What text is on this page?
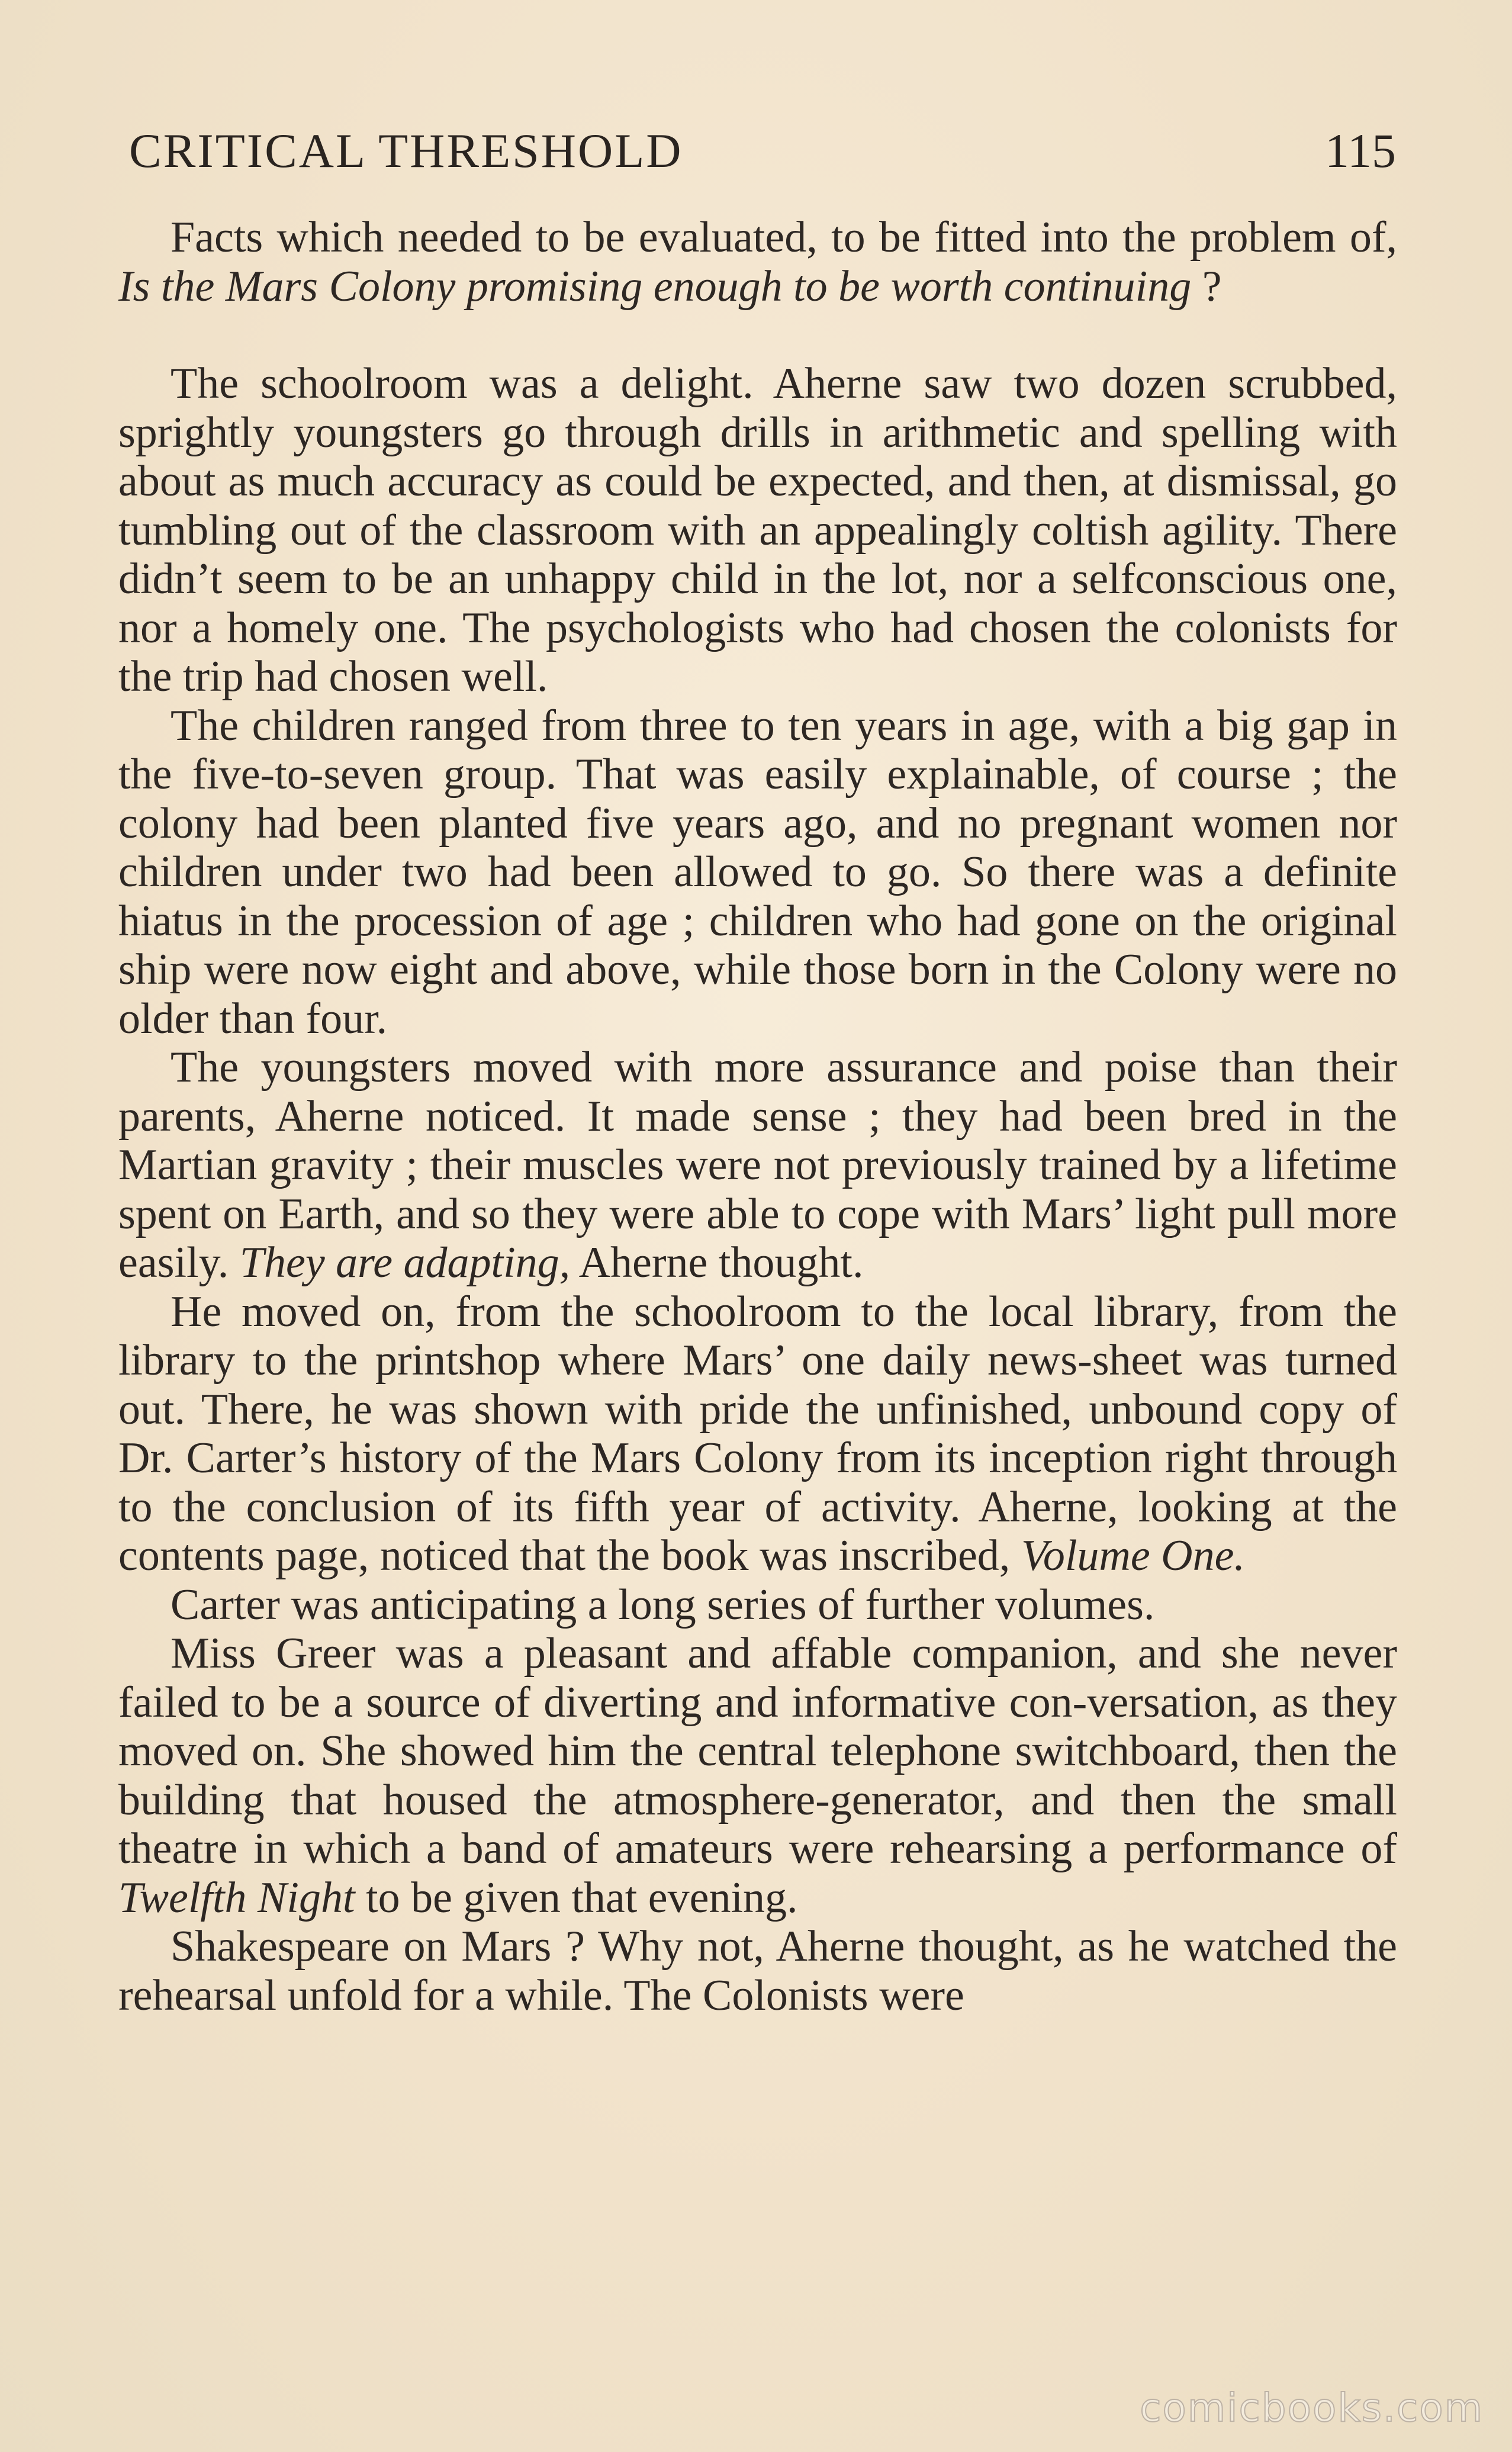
CRITICAL THRESHOLD	115

Facts which needed to be evaluated, to be fitted into the problem of, Is the Mars Colony promising enough to be worth continuing ?

The schoolroom was a delight. Aherne saw two dozen scrubbed, sprightly youngsters go through drills in arithmetic and spelling with about as much accuracy as could be expected, and then, at dismissal, go tumbling out of the classroom with an appealingly coltish agility. There didn’t seem to be an unhappy child in the lot, nor a selfconscious one, nor a homely one. The psychologists who had chosen the colonists for the trip had chosen well.

The children ranged from three to ten years in age, with a big gap in the five-to-seven group. That was easily explainable, of course ; the colony had been planted five years ago, and no pregnant women nor children under two had been allowed to go. So there was a definite hiatus in the procession of age ; children who had gone on the original ship were now eight and above, while those born in the Colony were no older than four.

The youngsters moved with more assurance and poise than their parents, Aherne noticed. It made sense ; they had been bred in the Martian gravity ; their muscles were not previously trained by a lifetime spent on Earth, and so they were able to cope with Mars’ light pull more easily. They are adapting, Aherne thought.

He moved on, from the schoolroom to the local library, from the library to the printshop where Mars’ one daily news-sheet was turned out. There, he was shown with pride the unfinished, unbound copy of Dr. Carter’s history of the Mars Colony from its inception right through to the conclusion of its fifth year of activity. Aherne, looking at the contents page, noticed that the book was inscribed, Volume One.

Carter was anticipating a long series of further volumes.

Miss Greer was a pleasant and affable companion, and she never failed to be a source of diverting and informative con-versation, as they moved on. She showed him the central telephone switchboard, then the building that housed the atmosphere-generator, and then the small theatre in which a band of amateurs were rehearsing a performance of Twelfth Night to be given that evening.

Shakespeare on Mars ? Why not, Aherne thought, as he watched the rehearsal unfold for a while. The Colonists were

comicbooks.com
